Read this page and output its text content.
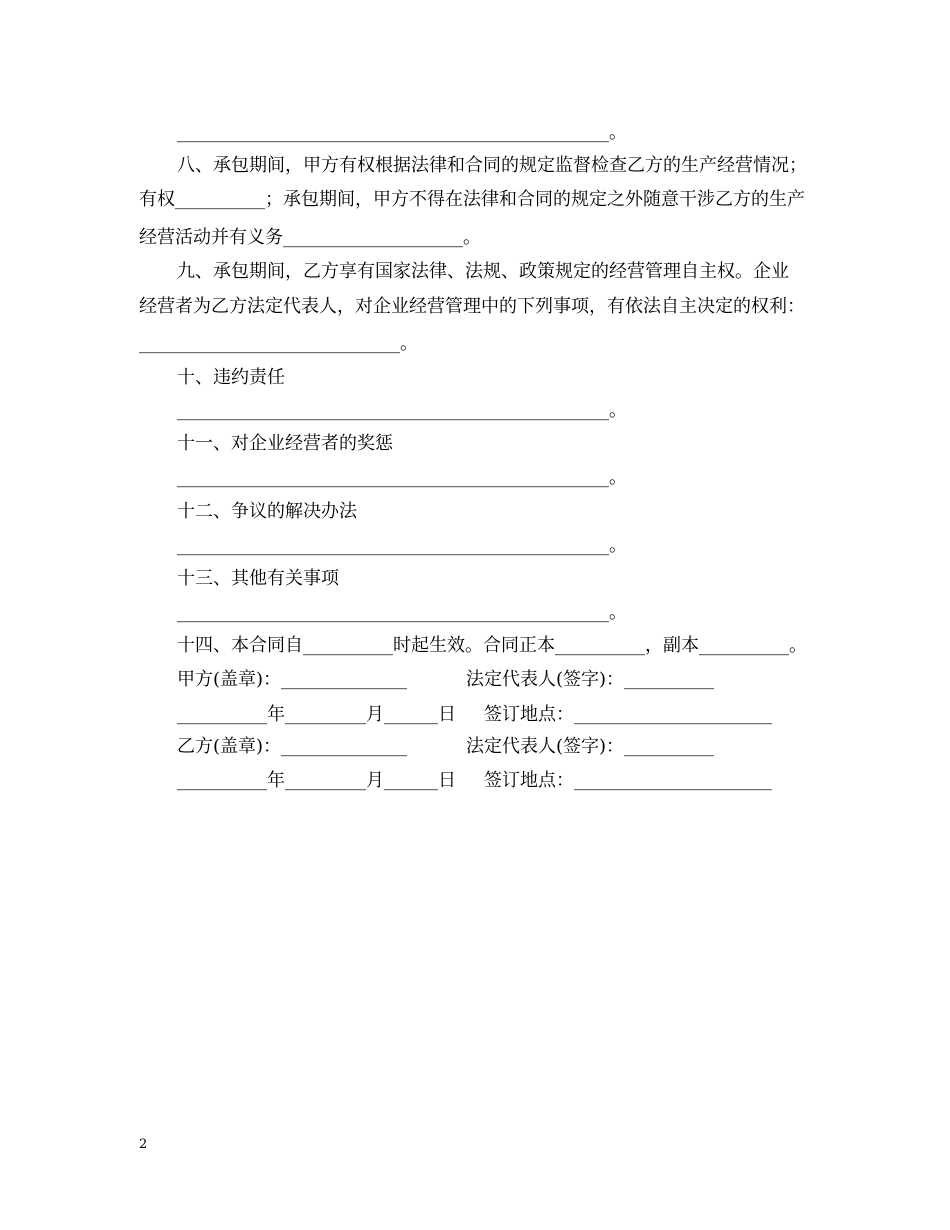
________________________________________________。
八、承包期间，甲方有权根据法律和合同的规定监督检查乙方的生产经营情况；
有权__________；承包期间，甲方不得在法律和合同的规定之外随意干涉乙方的生产
经营活动并有义务____________________。
九、承包期间，乙方享有国家法律、法规、政策规定的经营管理自主权。企业
经营者为乙方法定代表人，对企业经营管理中的下列事项，有依法自主决定的权利：
_____________________________。
十、违约责任
________________________________________________。
十一、对企业经营者的奖惩
________________________________________________。
十二、争议的解决办法
________________________________________________。
十三、其他有关事项
________________________________________________。
十四、本合同自__________时起生效。合同正本__________，副本__________。
甲方(盖章)：______________	法定代表人(签字)：__________
__________年_________月______日 签订地点：______________________
乙方(盖章)：______________	法定代表人(签字)：__________
__________年_________月______日 签订地点：______________________
2
